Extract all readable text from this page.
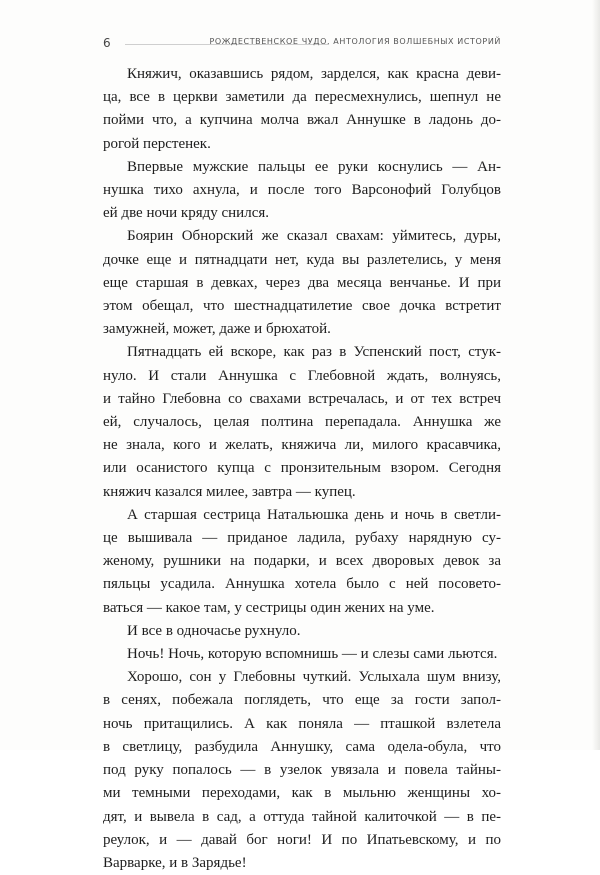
6	РОЖДЕСТВЕНСКОЕ ЧУДО. АНТОЛОГИЯ ВОЛШЕБНЫХ ИСТОРИЙ

Княжич, оказавшись рядом, зарделся, как красна деви-
ца, все в церкви заметили да пересмехнулись, шепнул не
пойми что, а купчина молча вжал Аннушке в ладонь до-
рогой перстенек.

Впервые мужские пальцы ее руки коснулись — Ан-
нушка тихо ахнула, и после того Варсонофий Голубцов
ей две ночи кряду снился.

Боярин Обнорский же сказал свахам: уймитесь, дуры,
дочке еще и пятнадцати нет, куда вы разлетелись, у меня
еще старшая в девках, через два месяца венчанье. И при
этом обещал, что шестнадцатилетие свое дочка встретит
замужней, может, даже и брюхатой.

Пятнадцать ей вскоре, как раз в Успенский пост, стук-
нуло. И стали Аннушка с Глебовной ждать, волнуясь,
и тайно Глебовна со свахами встречалась, и от тех встреч
ей, случалось, целая полтина перепадала. Аннушка же
не знала, кого и желать, княжича ли, милого красавчика,
или осанистого купца с пронзительным взором. Сегодня
княжич казался милее, завтра — купец.

А старшая сестрица Натальюшка день и ночь в светли-
це вышивала — приданое ладила, рубаху нарядную су-
женому, рушники на подарки, и всех дворовых девок за
пяльцы усадила. Аннушка хотела было с ней посовето-
ваться — какое там, у сестрицы один жених на уме.

И все в одночасье рухнуло.

Ночь! Ночь, которую вспомнишь — и слезы сами льются.

Хорошо, сон у Глебовны чуткий. Услыхала шум внизу,
в сенях, побежала поглядеть, что еще за гости запол-
ночь притащились. А как поняла — пташкой взлетела
в светлицу, разбудила Аннушку, сама одела-обула, что
под руку попалось — в узелок увязала и повела тайны-
ми темными переходами, как в мыльню женщины хо-
дят, и вывела в сад, а оттуда тайной калиточкой — в пе-
реулок, и — давай бог ноги! И по Ипатьевскому, и по
Варварке, и в Зарядье!
